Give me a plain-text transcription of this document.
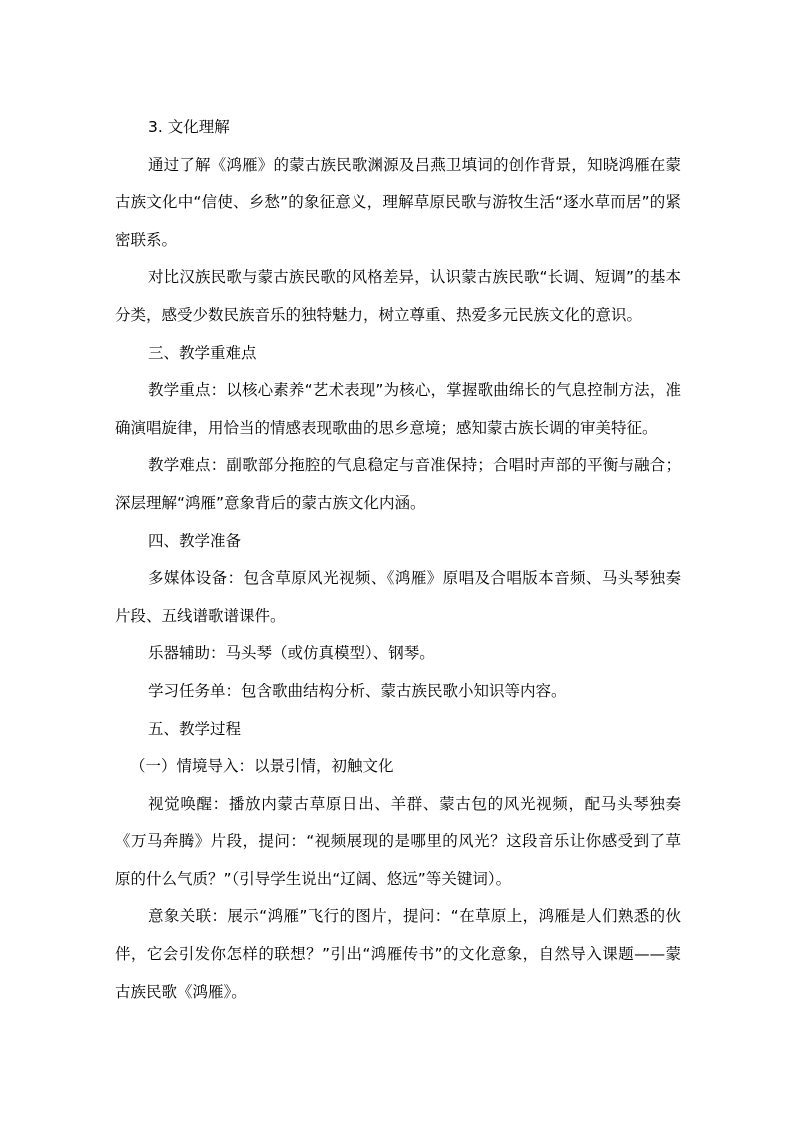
3. 文化理解

通过了解《鸿雁》的蒙古族民歌渊源及吕燕卫填词的创作背景，知晓鸿雁在蒙古族文化中“信使、乡愁”的象征意义，理解草原民歌与游牧生活“逐水草而居”的紧密联系。

对比汉族民歌与蒙古族民歌的风格差异，认识蒙古族民歌“长调、短调”的基本分类，感受少数民族音乐的独特魅力，树立尊重、热爱多元民族文化的意识。

三、教学重难点

教学重点：以核心素养“艺术表现”为核心，掌握歌曲绵长的气息控制方法，准确演唱旋律，用恰当的情感表现歌曲的思乡意境；感知蒙古族长调的审美特征。

教学难点：副歌部分拖腔的气息稳定与音准保持；合唱时声部的平衡与融合；深层理解“鸿雁”意象背后的蒙古族文化内涵。

四、教学准备

多媒体设备：包含草原风光视频、《鸿雁》原唱及合唱版本音频、马头琴独奏片段、五线谱歌谱课件。

乐器辅助：马头琴（或仿真模型）、钢琴。

学习任务单：包含歌曲结构分析、蒙古族民歌小知识等内容。

五、教学过程

（一）情境导入：以景引情，初触文化

视觉唤醒：播放内蒙古草原日出、羊群、蒙古包的风光视频，配马头琴独奏《万马奔腾》片段，提问：“视频展现的是哪里的风光？这段音乐让你感受到了草原的什么气质？”（引导学生说出“辽阔、悠远”等关键词）。

意象关联：展示“鸿雁”飞行的图片，提问：“在草原上，鸿雁是人们熟悉的伙伴，它会引发你怎样的联想？”引出“鸿雁传书”的文化意象，自然导入课题——蒙古族民歌《鸿雁》。
